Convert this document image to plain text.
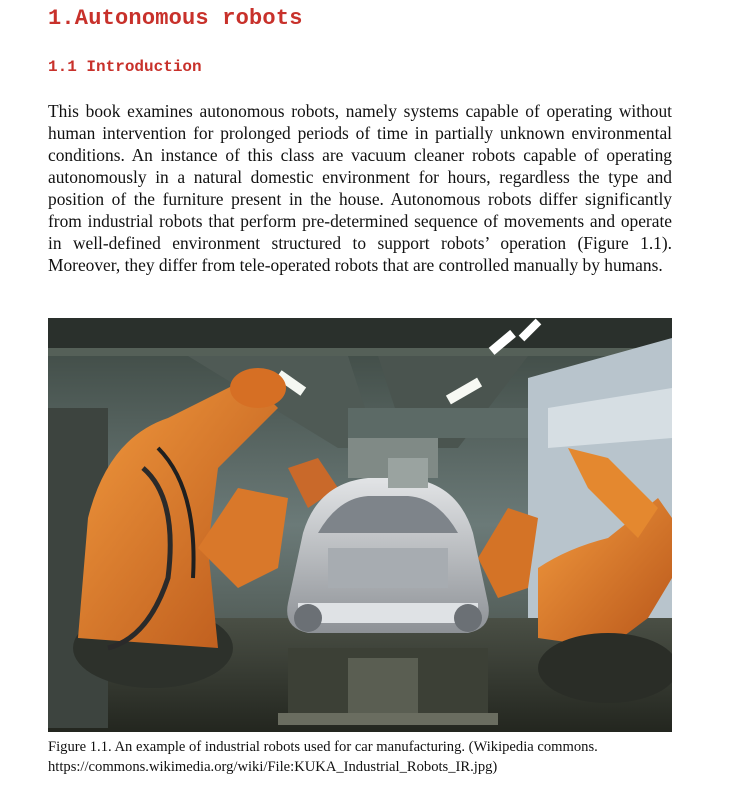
1.Autonomous robots
1.1 Introduction

This book examines autonomous robots, namely systems capable of operating without human intervention for prolonged periods of time in partially unknown environmental conditions. An instance of this class are vacuum cleaner robots capable of operating autonomously in a natural domestic environment for hours, regardless the type and position of the furniture present in the house. Autonomous robots differ significantly from industrial robots that perform pre-determined sequence of movements and operate in well-defined environment structured to support robots’ operation (Figure 1.1). Moreover, they differ from tele-operated robots that are controlled manually by humans.

Figure 1.1. An example of industrial robots used for car manufacturing. (Wikipedia commons.
https://commons.wikimedia.org/wiki/File:KUKA_Industrial_Robots_IR.jpg)
